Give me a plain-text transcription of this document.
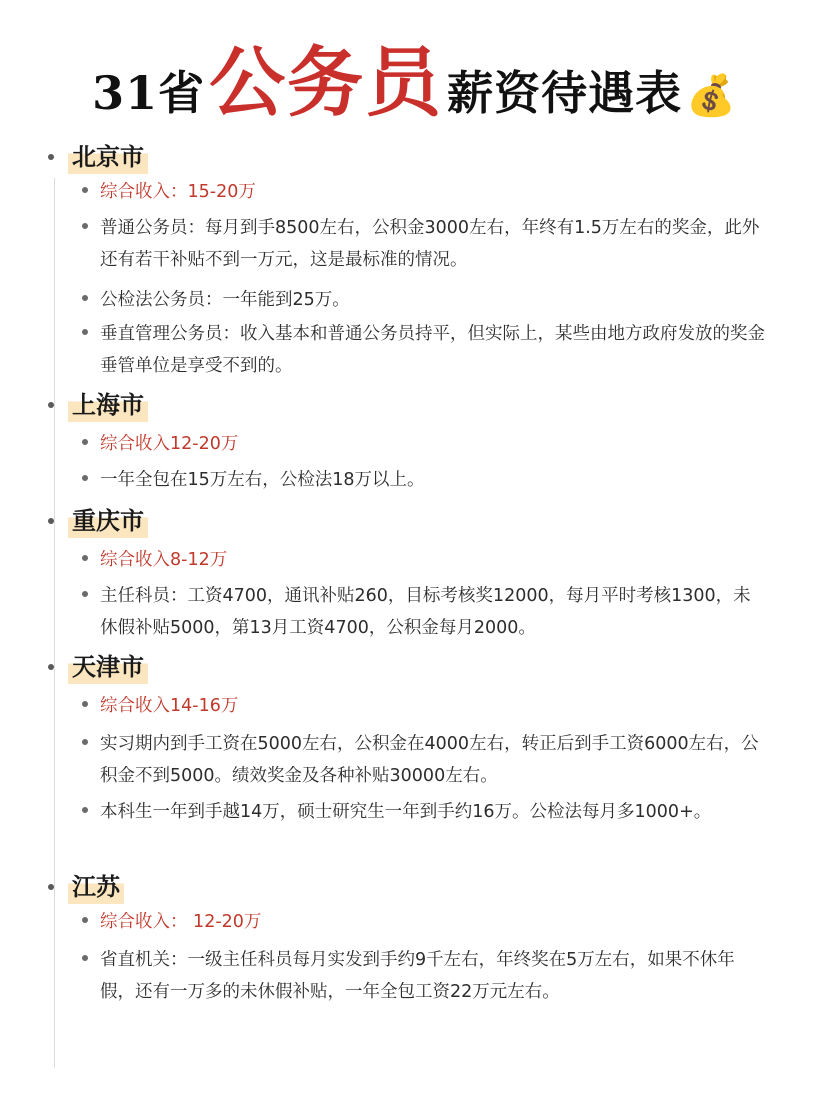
31省 公务员 薪资待遇表 💰
北京市
综合收入：15-20万
普通公务员：每月到手8500左右，公积金3000左右，年终有1.5万左右的奖金，此外还有若干补贴不到一万元，这是最标准的情况。
公检法公务员：一年能到25万。
垂直管理公务员：收入基本和普通公务员持平，但实际上，某些由地方政府发放的奖金垂管单位是享受不到的。
上海市
综合收入12-20万
一年全包在15万左右，公检法18万以上。
重庆市
综合收入8-12万
主任科员：工资4700，通讯补贴260，目标考核奖12000，每月平时考核1300，未休假补贴5000，第13月工资4700，公积金每月2000。
天津市
综合收入14-16万
实习期内到手工资在5000左右，公积金在4000左右，转正后到手工资6000左右，公积金不到5000。绩效奖金及各种补贴30000左右。
本科生一年到手越14万，硕士研究生一年到手约16万。公检法每月多1000+。
江苏
综合收入： 12-20万
省直机关：一级主任科员每月实发到手约9千左右，年终奖在5万左右，如果不休年假，还有一万多的未休假补贴，一年全包工资22万元左右。
